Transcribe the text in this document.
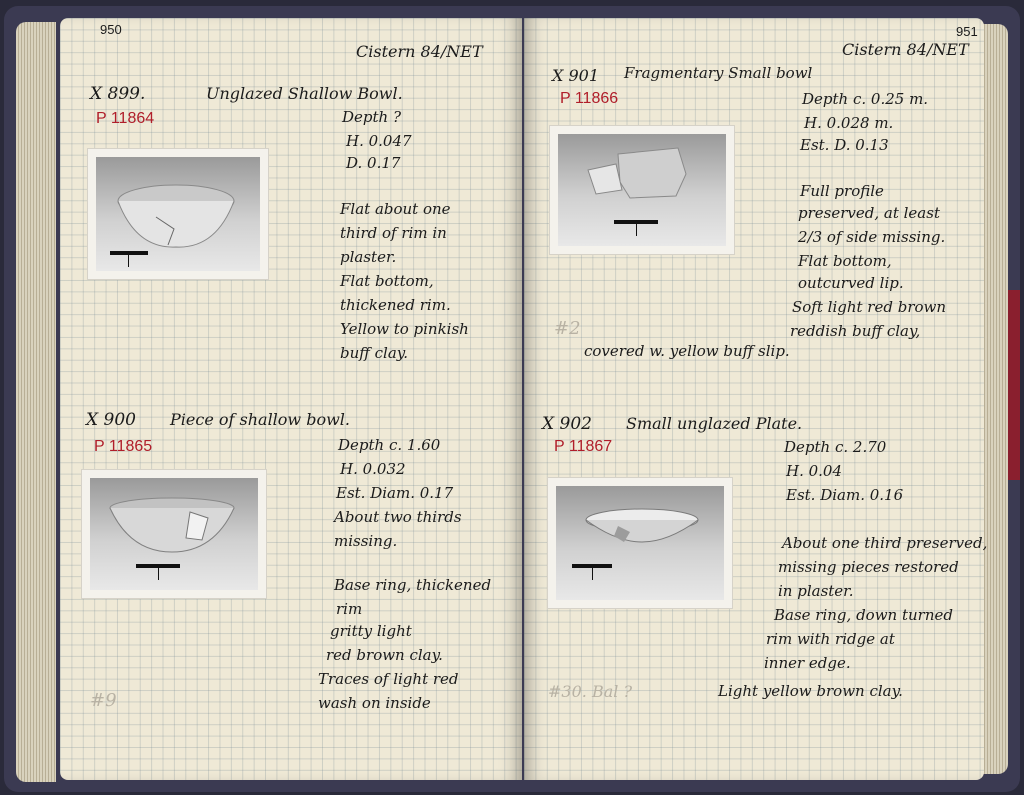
950
Cistern 84/NET
X 899.	Unglazed Shallow Bowl.
P 11864	Depth ?
H. 0.047
D. 0.17
Flat about one
third of rim in
plaster.
Flat bottom,
thickened rim.
Yellow to pinkish
buff clay.
X 900 Piece of shallow bowl.
P 11865	Depth c. 1.60
H. 0.032
Est. Diam. 0.17
About two thirds
missing.
Base ring, thickened
rim
gritty light
red brown clay.
Traces of light red
wash on inside
#9
951
Cistern 84/NET
X 901 Fragmentary Small bowl
P 11866	Depth c. 0.25 m.
H. 0.028 m.
Est. D. 0.13
Full profile
preserved, at least
2/3 of side missing.
Flat bottom,
outcurved lip.
Soft light red brown
reddish buff clay,
covered w. yellow buff slip.
#2
X 902 Small unglazed Plate.
P 11867	Depth c. 2.70
H. 0.04
Est. Diam. 0.16
About one third preserved,
missing pieces restored
in plaster.
Base ring, down turned
rim with ridge at
inner edge.
Light yellow brown clay.
#30. Bal ?
